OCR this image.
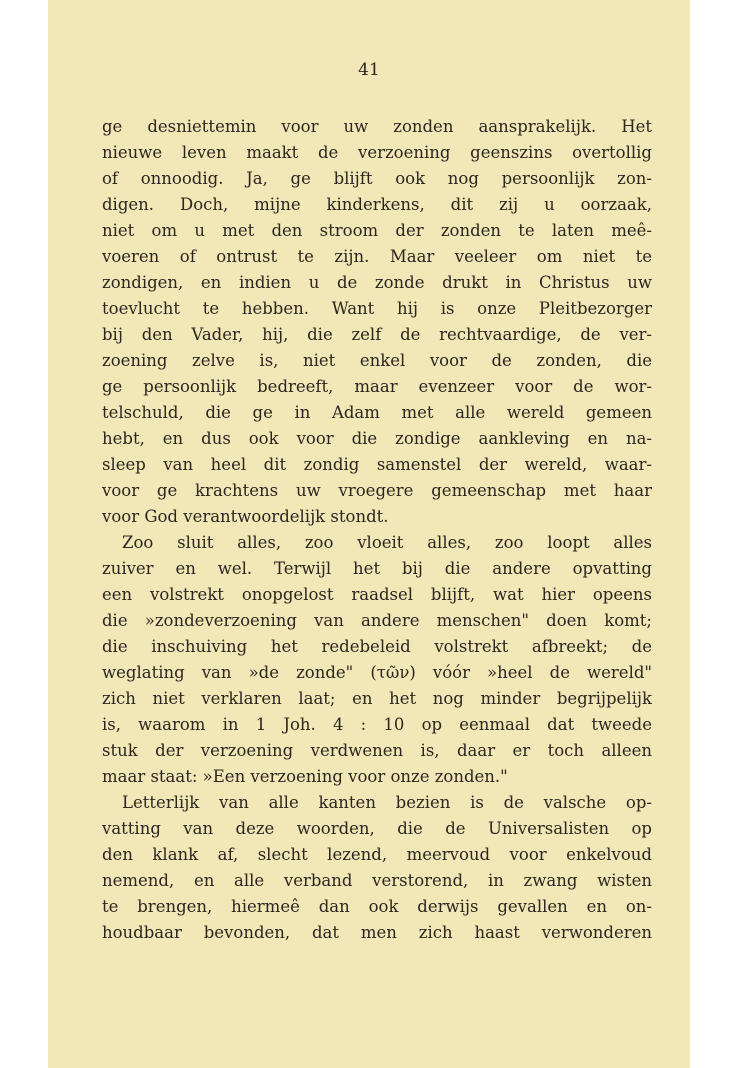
41
ge desniettemin voor uw zonden aansprakelijk. Het
nieuwe leven maakt de verzoening geenszins overtollig
of onnoodig. Ja, ge blijft ook nog persoonlijk zon-
digen. Doch, mijne kinderkens, dit zij u oorzaak,
niet om u met den stroom der zonden te laten meê-
voeren of ontrust te zijn. Maar veeleer om niet te
zondigen, en indien u de zonde drukt in Christus uw
toevlucht te hebben. Want hij is onze Pleitbezorger
bij den Vader, hij, die zelf de rechtvaardige, de ver-
zoening zelve is, niet enkel voor de zonden, die
ge persoonlijk bedreeft, maar evenzeer voor de wor-
telschuld, die ge in Adam met alle wereld gemeen
hebt, en dus ook voor die zondige aankleving en na-
sleep van heel dit zondig samenstel der wereld, waar-
voor ge krachtens uw vroegere gemeenschap met haar
voor God verantwoordelijk stondt.
Zoo sluit alles, zoo vloeit alles, zoo loopt alles
zuiver en wel. Terwijl het bij die andere opvatting
een volstrekt onopgelost raadsel blijft, wat hier opeens
die »zondeverzoening van andere menschen" doen komt;
die inschuiving het redebeleid volstrekt afbreekt; de
weglating van »de zonde" (τῶν) vóór »heel de wereld"
zich niet verklaren laat; en het nog minder begrijpelijk
is, waarom in 1 Joh. 4 : 10 op eenmaal dat tweede
stuk der verzoening verdwenen is, daar er toch alleen
maar staat: »Een verzoening voor onze zonden."
Letterlijk van alle kanten bezien is de valsche op-
vatting van deze woorden, die de Universalisten op
den klank af, slecht lezend, meervoud voor enkelvoud
nemend, en alle verband verstorend, in zwang wisten
te brengen, hiermeê dan ook derwijs gevallen en on-
houdbaar bevonden, dat men zich haast verwonderen
